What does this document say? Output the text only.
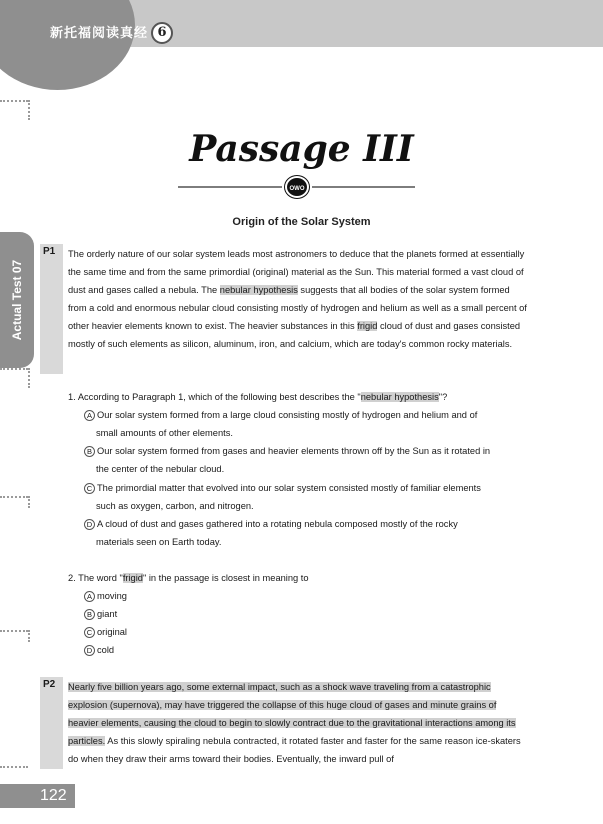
新托福阅读真经 6
Actual Test 07
Passage III
OWO
Origin of the Solar System
P1	The orderly nature of our solar system leads most astronomers to deduce that the planets formed at essentially the same time and from the same primordial (original) material as the Sun. This material formed a vast cloud of dust and gases called a nebula. The nebular hypothesis suggests that all bodies of the solar system formed from a cold and enormous nebular cloud consisting mostly of hydrogen and helium as well as a small percent of other heavier elements known to exist. The heavier substances in this frigid cloud of dust and gases consisted mostly of such elements as silicon, aluminum, iron, and calcium, which are today's common rocky materials.
1. According to Paragraph 1, which of the following best describes the "nebular hypothesis"?
A Our solar system formed from a large cloud consisting mostly of hydrogen and helium and of
small amounts of other elements.
B Our solar system formed from gases and heavier elements thrown off by the Sun as it rotated in
the center of the nebular cloud.
C The primordial matter that evolved into our solar system consisted mostly of familiar elements
such as oxygen, carbon, and nitrogen.
D A cloud of dust and gases gathered into a rotating nebula composed mostly of the rocky
materials seen on Earth today.
2. The word "frigid" in the passage is closest in meaning to
A moving
B giant
C original
D cold
P2	Nearly five billion years ago, some external impact, such as a shock wave traveling from a catastrophic explosion (supernova), may have triggered the collapse of this huge cloud of gases and minute grains of heavier elements, causing the cloud to begin to slowly contract due to the gravitational interactions among its particles. As this slowly spiraling nebula contracted, it rotated faster and faster for the same reason ice-skaters do when they draw their arms toward their bodies. Eventually, the inward pull of
122
